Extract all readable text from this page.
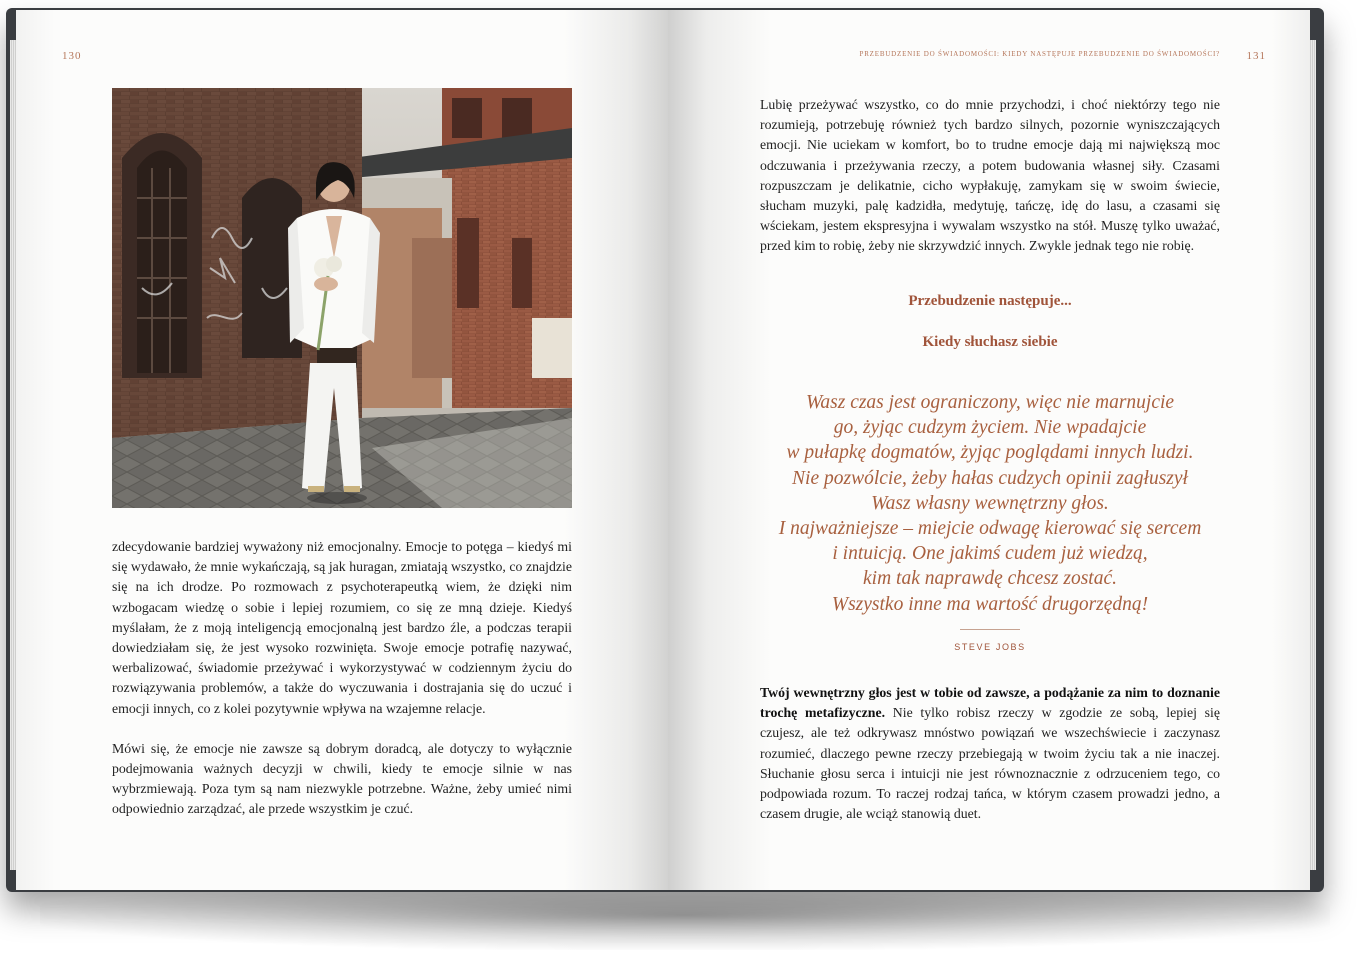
130

zdecydowanie bardziej wyważony niż emocjonalny. Emocje to potęga – kiedyś mi się wydawało, że mnie wykańczają, są jak huragan, zmiatają wszystko, co znajdzie się na ich drodze. Po rozmowach z psychoterapeutką wiem, że dzięki nim wzbogacam wiedzę o sobie i lepiej rozumiem, co się ze mną dzieje. Kiedyś myślałam, że z moją inteligencją emocjonalną jest bardzo źle, a podczas terapii dowiedziałam się, że jest wysoko rozwinięta. Swoje emocje potrafię nazywać, werbalizować, świadomie przeżywać i wykorzystywać w codziennym życiu do rozwiązywania problemów, a także do wyczuwania i dostrajania się do uczuć i emocji innych, co z kolei pozytywnie wpływa na wzajemne relacje.

Mówi się, że emocje nie zawsze są dobrym doradcą, ale dotyczy to wyłącznie podejmowania ważnych decyzji w chwili, kiedy te emocje silnie w nas wybrzmiewają. Poza tym są nam niezwykle potrzebne. Ważne, żeby umieć nimi odpowiednio zarządzać, ale przede wszystkim je czuć.

PRZEBUDZENIE DO ŚWIADOMOŚCI: KIEDY NASTĘPUJE PRZEBUDZENIE DO ŚWIADOMOŚCI? 131

Lubię przeżywać wszystko, co do mnie przychodzi, i choć niektórzy tego nie rozumieją, potrzebuję również tych bardzo silnych, pozornie wyniszczających emocji. Nie uciekam w komfort, bo to trudne emocje dają mi największą moc odczuwania i przeżywania rzeczy, a potem budowania własnej siły. Czasami rozpuszczam je delikatnie, cicho wypłakuję, zamykam się w swoim świecie, słucham muzyki, palę kadzidła, medytuję, tańczę, idę do lasu, a czasami się wściekam, jestem ekspresyjna i wywalam wszystko na stół. Muszę tylko uważać, przed kim to robię, żeby nie skrzywdzić innych. Zwykle jednak tego nie robię.

Przebudzenie następuje...
Kiedy słuchasz siebie
Wasz czas jest ograniczony, więc nie marnujcie
go, żyjąc cudzym życiem. Nie wpadajcie
w pułapkę dogmatów, żyjąc poglądami innych ludzi.
Nie pozwólcie, żeby hałas cudzych opinii zagłuszył
Wasz własny wewnętrzny głos.
I najważniejsze – miejcie odwagę kierować się sercem
i intuicją. One jakimś cudem już wiedzą,
kim tak naprawdę chcesz zostać.
Wszystko inne ma wartość drugorzędną!
STEVE JOBS

Twój wewnętrzny głos jest w tobie od zawsze, a podążanie za nim to doznanie trochę metafizyczne. Nie tylko robisz rzeczy w zgodzie ze sobą, lepiej się czujesz, ale też odkrywasz mnóstwo powiązań we wszechświecie i zaczynasz rozumieć, dlaczego pewne rzeczy przebiegają w twoim życiu tak a nie inaczej. Słuchanie głosu serca i intuicji nie jest równoznacznie z odrzuceniem tego, co podpowiada rozum. To raczej rodzaj tańca, w którym czasem prowadzi jedno, a czasem drugie, ale wciąż stanowią duet.
